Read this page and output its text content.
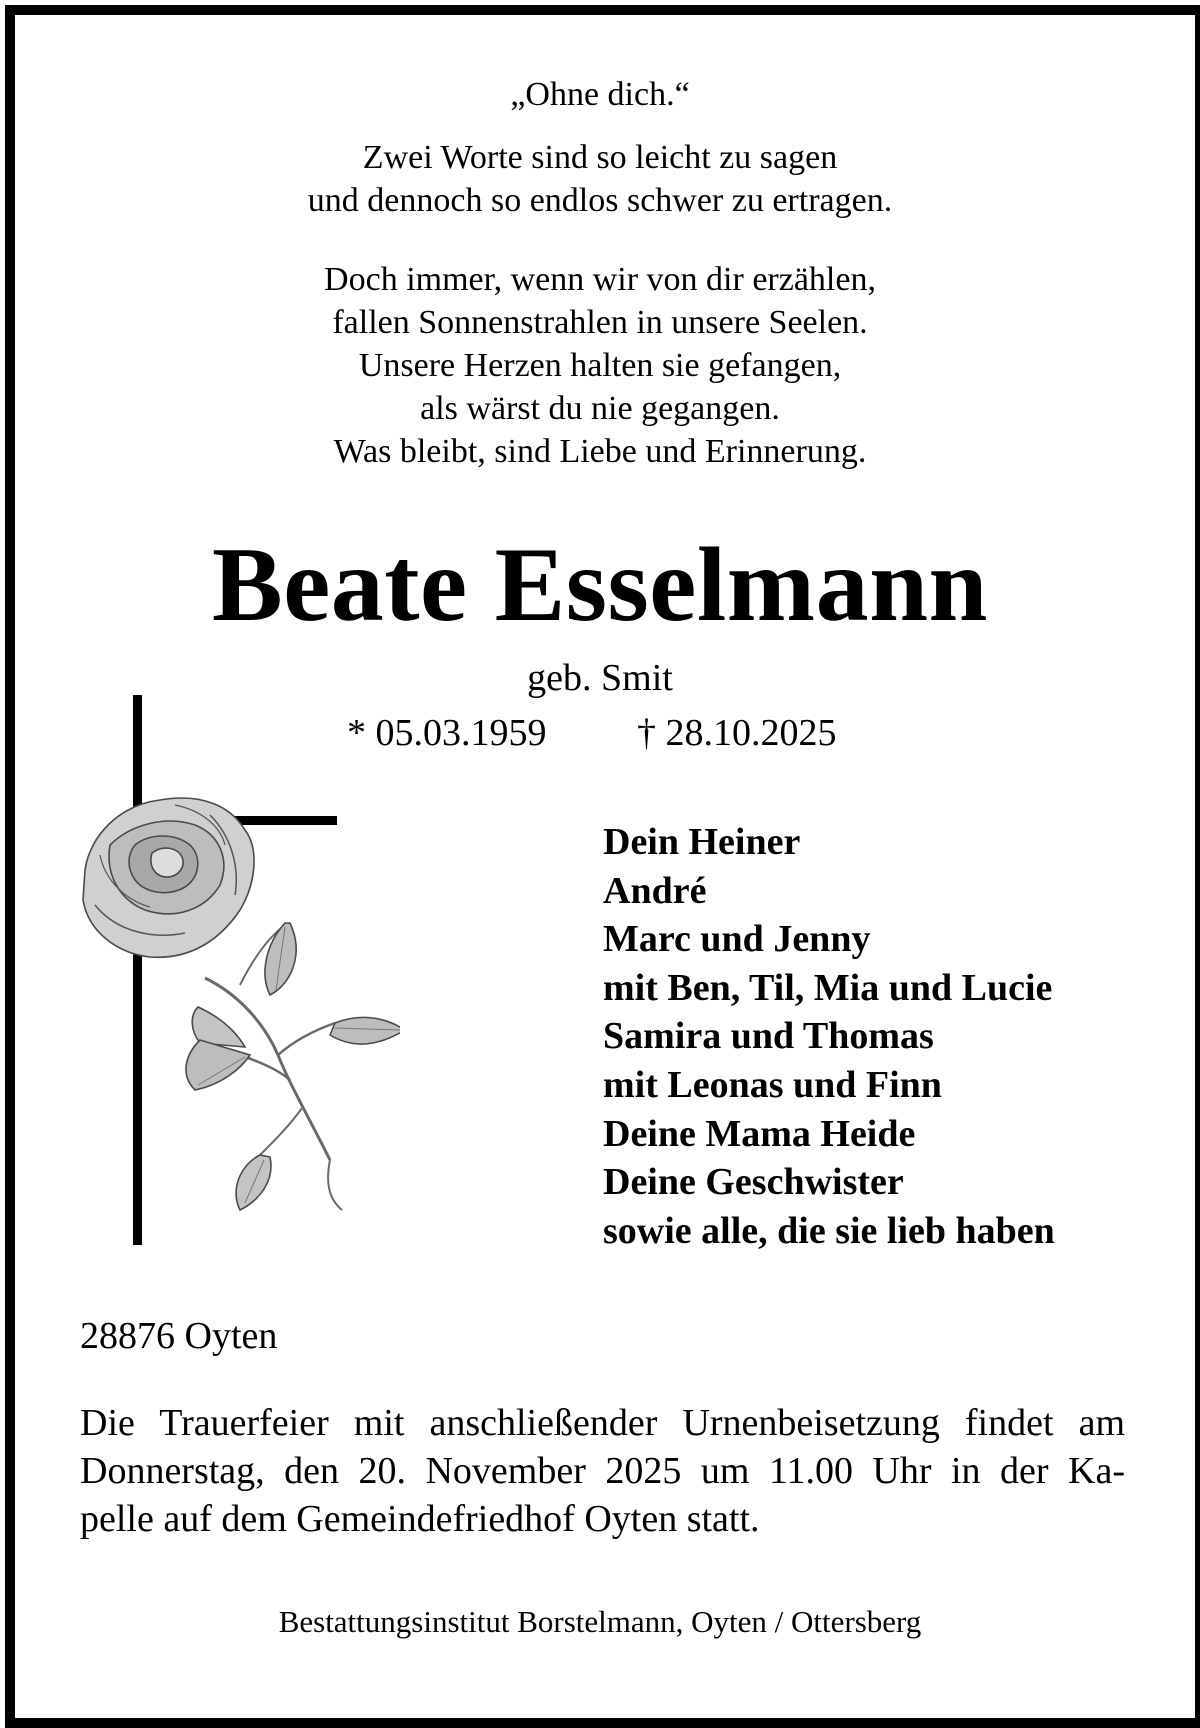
„Ohne dich.“

Zwei Worte sind so leicht zu sagen
und dennoch so endlos schwer zu ertragen.

Doch immer, wenn wir von dir erzählen,
fallen Sonnenstrahlen in unsere Seelen.
Unsere Herzen halten sie gefangen,
als wärst du nie gegangen.
Was bleibt, sind Liebe und Erinnerung.

Beate Esselmann
geb. Smit
* 05.03.1959 † 28.10.2025
Dein Heiner
André
Marc und Jenny
mit Ben, Til, Mia und Lucie
Samira und Thomas
mit Leonas und Finn
Deine Mama Heide
Deine Geschwister
sowie alle, die sie lieb haben
28876 Oyten
Die Trauerfeier mit anschließender Urnenbeisetzung findet am
Donnerstag, den 20. November 2025 um 11.00 Uhr in der Ka-
pelle auf dem Gemeindefriedhof Oyten statt.
Bestattungsinstitut Borstelmann, Oyten / Ottersberg
